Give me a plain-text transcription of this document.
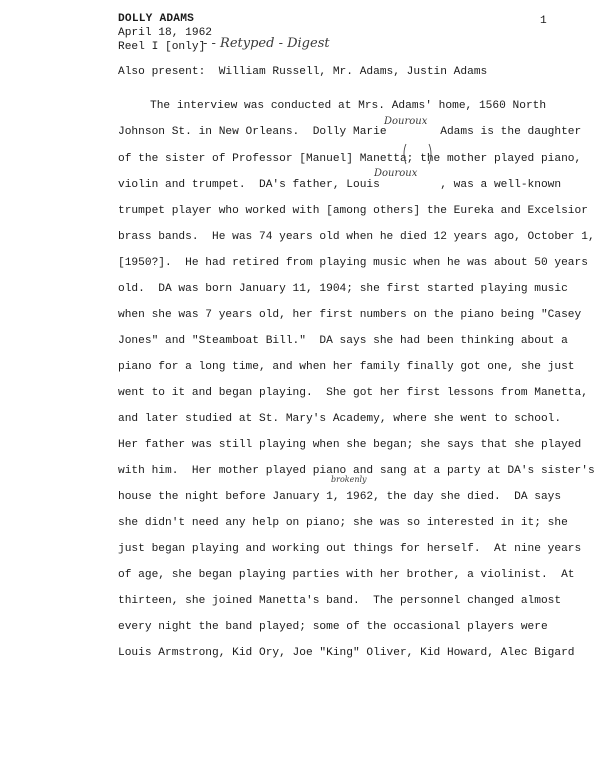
DOLLY ADAMS
April 18, 1962
Reel I [only]
- - Retyped - Digest
1
Also present:  William Russell, Mr. Adams, Justin Adams
Douroux
Douroux
brokenly
The interview was conducted at Mrs. Adams' home, 1560 North
Johnson St. in New Orleans.  Dolly Marie        Adams is the daughter
of the sister of Professor [Manuel] Manetta; the mother played piano,
violin and trumpet.  DA's father, Louis         , was a well-known
trumpet player who worked with [among others] the Eureka and Excelsior
brass bands.  He was 74 years old when he died 12 years ago, October 1,
[1950?].  He had retired from playing music when he was about 50 years
old.  DA was born January 11, 1904; she first started playing music
when she was 7 years old, her first numbers on the piano being "Casey
Jones" and "Steamboat Bill."  DA says she had been thinking about a
piano for a long time, and when her family finally got one, she just
went to it and began playing.  She got her first lessons from Manetta,
and later studied at St. Mary's Academy, where she went to school.
Her father was still playing when she began; she says that she played
with him.  Her mother played piano and sang at a party at DA's sister's
house the night before January 1, 1962, the day she died.  DA says
she didn't need any help on piano; she was so interested in it; she
just began playing and working out things for herself.  At nine years
of age, she began playing parties with her brother, a violinist.  At
thirteen, she joined Manetta's band.  The personnel changed almost
every night the band played; some of the occasional players were
Louis Armstrong, Kid Ory, Joe "King" Oliver, Kid Howard, Alec Bigard
